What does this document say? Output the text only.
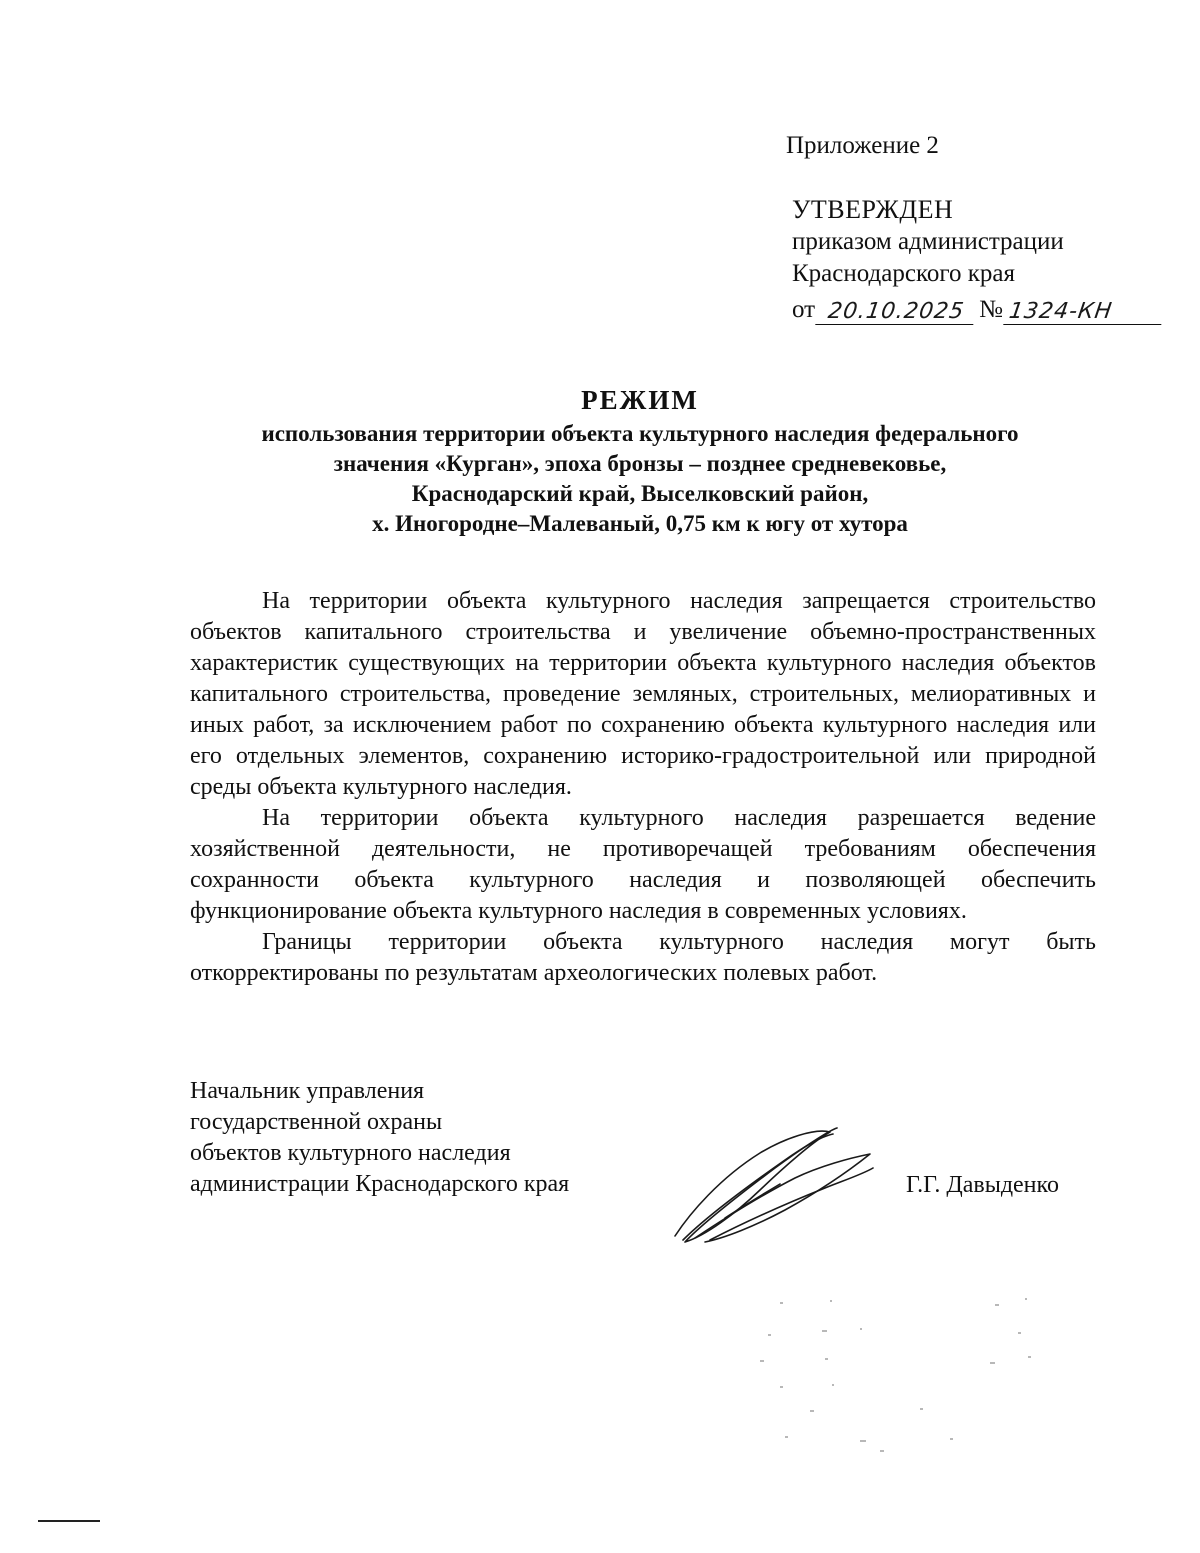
Приложение 2
УТВЕРЖДЕН
приказом администрации
Краснодарского края
от 20.10.2025 № 1324-КН
РЕЖИМ
использования территории объекта культурного наследия федерального
значения «Курган», эпоха бронзы – позднее средневековье,
Краснодарский край, Выселковский район,
х. Иногородне–Малеваный, 0,75 км к югу от хутора

На территории объекта культурного наследия запрещается строительство объектов капитального строительства и увеличение объемно-пространственных характеристик существующих на территории объекта культурного наследия объектов капитального строительства, проведение земляных, строительных, мелиоративных и иных работ, за исключением работ по сохранению объекта культурного наследия или его отдельных элементов, сохранению историко-градостроительной или природной среды объекта культурного наследия.

На территории объекта культурного наследия разрешается ведение хозяйственной деятельности, не противоречащей требованиям обеспечения сохранности объекта культурного наследия и позволяющей обеспечить функционирование объекта культурного наследия в современных условиях.

Границы территории объекта культурного наследия могут быть откорректированы по результатам археологических полевых работ.

Начальник управления
государственной охраны
объектов культурного наследия
администрации Краснодарского края	Г.Г. Давыденко
